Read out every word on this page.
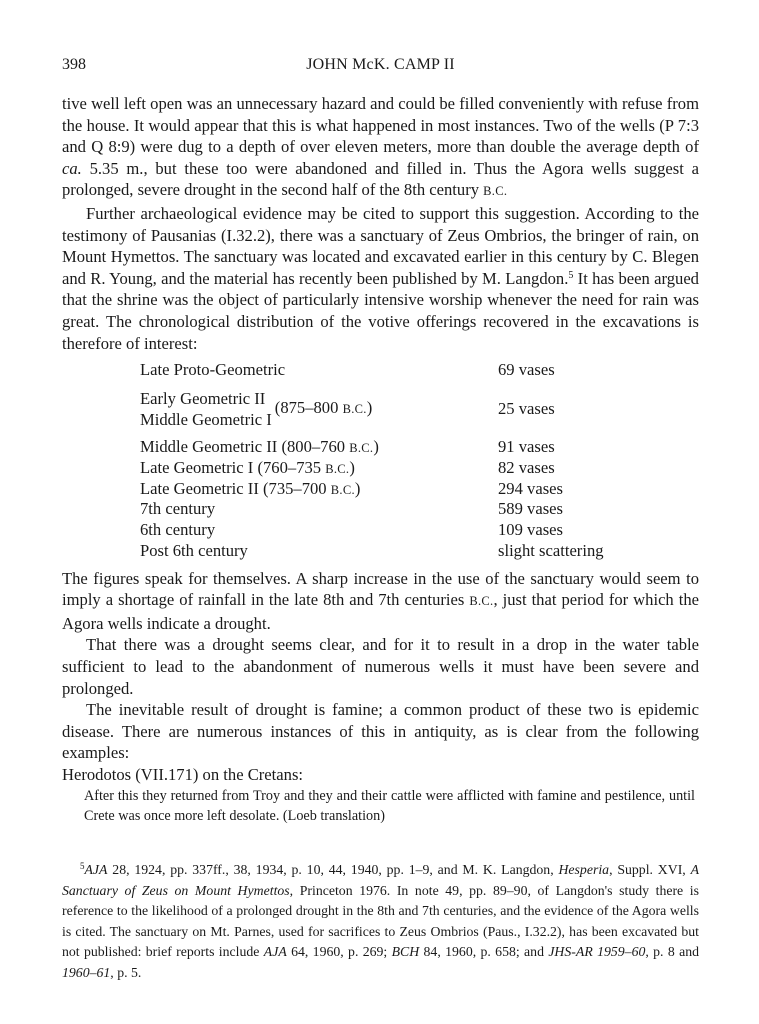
398	JOHN McK. CAMP II

tive well left open was an unnecessary hazard and could be filled conveniently with refuse from the house. It would appear that this is what happened in most instances. Two of the wells (P 7:3 and Q 8:9) were dug to a depth of over eleven meters, more than double the average depth of ca. 5.35 m., but these too were abandoned and filled in. Thus the Agora wells suggest a prolonged, severe drought in the second half of the 8th century B.C.

Further archaeological evidence may be cited to support this suggestion. According to the testimony of Pausanias (I.32.2), there was a sanctuary of Zeus Ombrios, the bringer of rain, on Mount Hymettos. The sanctuary was located and excavated earlier in this century by C. Blegen and R. Young, and the material has recently been published by M. Langdon.$^5$ It has been argued that the shrine was the object of particularly intensive worship whenever the need for rain was great. The chronological distribution of the votive offerings recovered in the excavations is therefore of interest:

Late Proto-Geometric	69 vases
Early Geometric II
Middle Geometric I
(875–800 B.C.)	25 vases
Middle Geometric II (800–760 B.C.)	91 vases
Late Geometric I (760–735 B.C.)	82 vases
Late Geometric II (735–700 B.C.)	294 vases
7th century	589 vases
6th century	109 vases
Post 6th century	slight scattering

The figures speak for themselves. A sharp increase in the use of the sanctuary would seem to imply a shortage of rainfall in the late 8th and 7th centuries B.C., just that period for which the Agora wells indicate a drought.

That there was a drought seems clear, and for it to result in a drop in the water table sufficient to lead to the abandonment of numerous wells it must have been severe and prolonged.

The inevitable result of drought is famine; a common product of these two is epidemic disease. There are numerous instances of this in antiquity, as is clear from the following examples:

Herodotos (VII.171) on the Cretans:

After this they returned from Troy and they and their cattle were afflicted with famine and pestilence, until Crete was once more left desolate. (Loeb translation)

$^5$AJA 28, 1924, pp. 337ff., 38, 1934, p. 10, 44, 1940, pp. 1–9, and M. K. Langdon, Hesperia, Suppl. XVI, A Sanctuary of Zeus on Mount Hymettos, Princeton 1976. In note 49, pp. 89–90, of Langdon's study there is reference to the likelihood of a prolonged drought in the 8th and 7th centuries, and the evidence of the Agora wells is cited. The sanctuary on Mt. Parnes, used for sacrifices to Zeus Ombrios (Paus., I.32.2), has been excavated but not published: brief reports include AJA 64, 1960, p. 269; BCH 84, 1960, p. 658; and JHS-AR 1959–60, p. 8 and 1960–61, p. 5.
